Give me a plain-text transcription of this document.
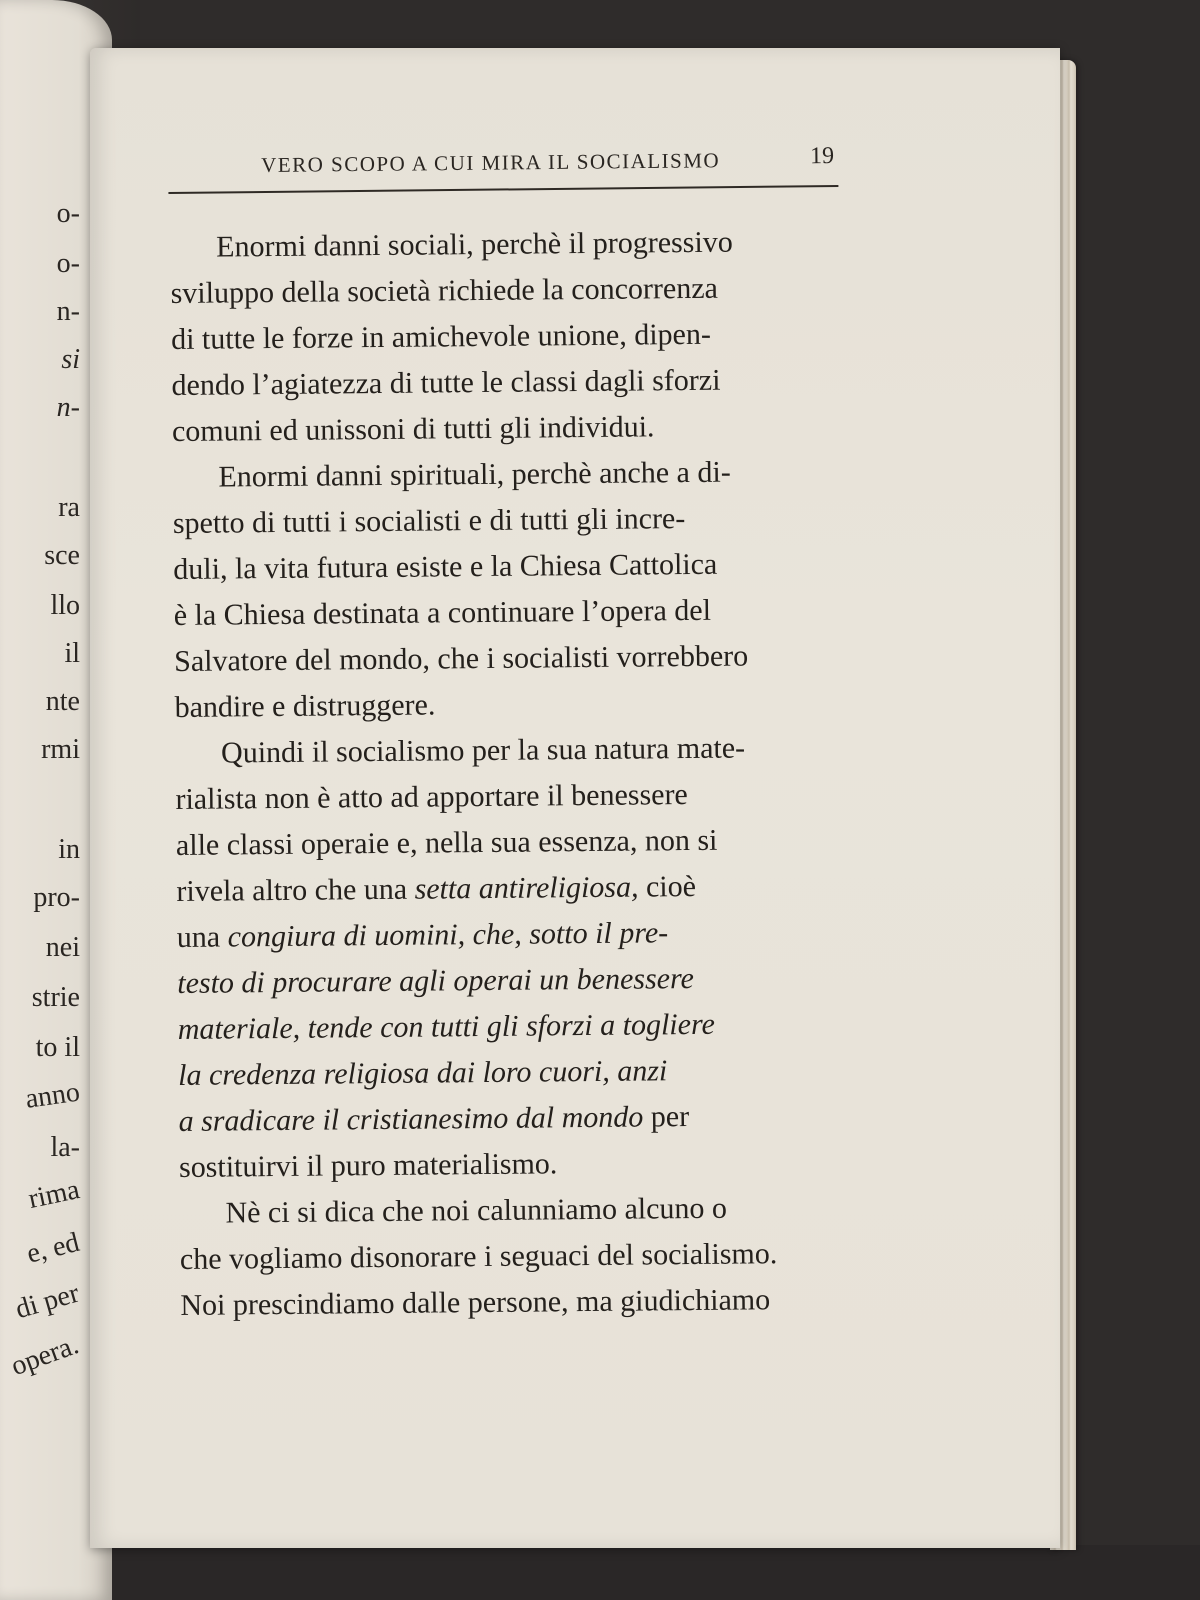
o-
o-
n-
si
n-
ra
sce
llo
il
nte
rmi
in
pro-
nei
strie
to il
anno
la-
rima
e, ed
di per
opera.
VERO SCOPO A CUI MIRA IL SOCIALISMO	19
Enormi danni sociali, perchè il progressivo
sviluppo della società richiede la concorrenza
di tutte le forze in amichevole unione, dipen-
dendo l’agiatezza di tutte le classi dagli sforzi
comuni ed unissoni di tutti gli individui.
Enormi danni spirituali, perchè anche a di-
spetto di tutti i socialisti e di tutti gli incre-
duli, la vita futura esiste e la Chiesa Cattolica
è la Chiesa destinata a continuare l’opera del
Salvatore del mondo, che i socialisti vorrebbero
bandire e distruggere.
Quindi il socialismo per la sua natura mate-
rialista non è atto ad apportare il benessere
alle classi operaie e, nella sua essenza, non si
rivela altro che una setta antireligiosa, cioè
una congiura di uomini, che, sotto il pre-
testo di procurare agli operai un benessere
materiale, tende con tutti gli sforzi a togliere
la credenza religiosa dai loro cuori, anzi
a sradicare il cristianesimo dal mondo per
sostituirvi il puro materialismo.
Nè ci si dica che noi calunniamo alcuno o
che vogliamo disonorare i seguaci del socialismo.
Noi prescindiamo dalle persone, ma giudichiamo
